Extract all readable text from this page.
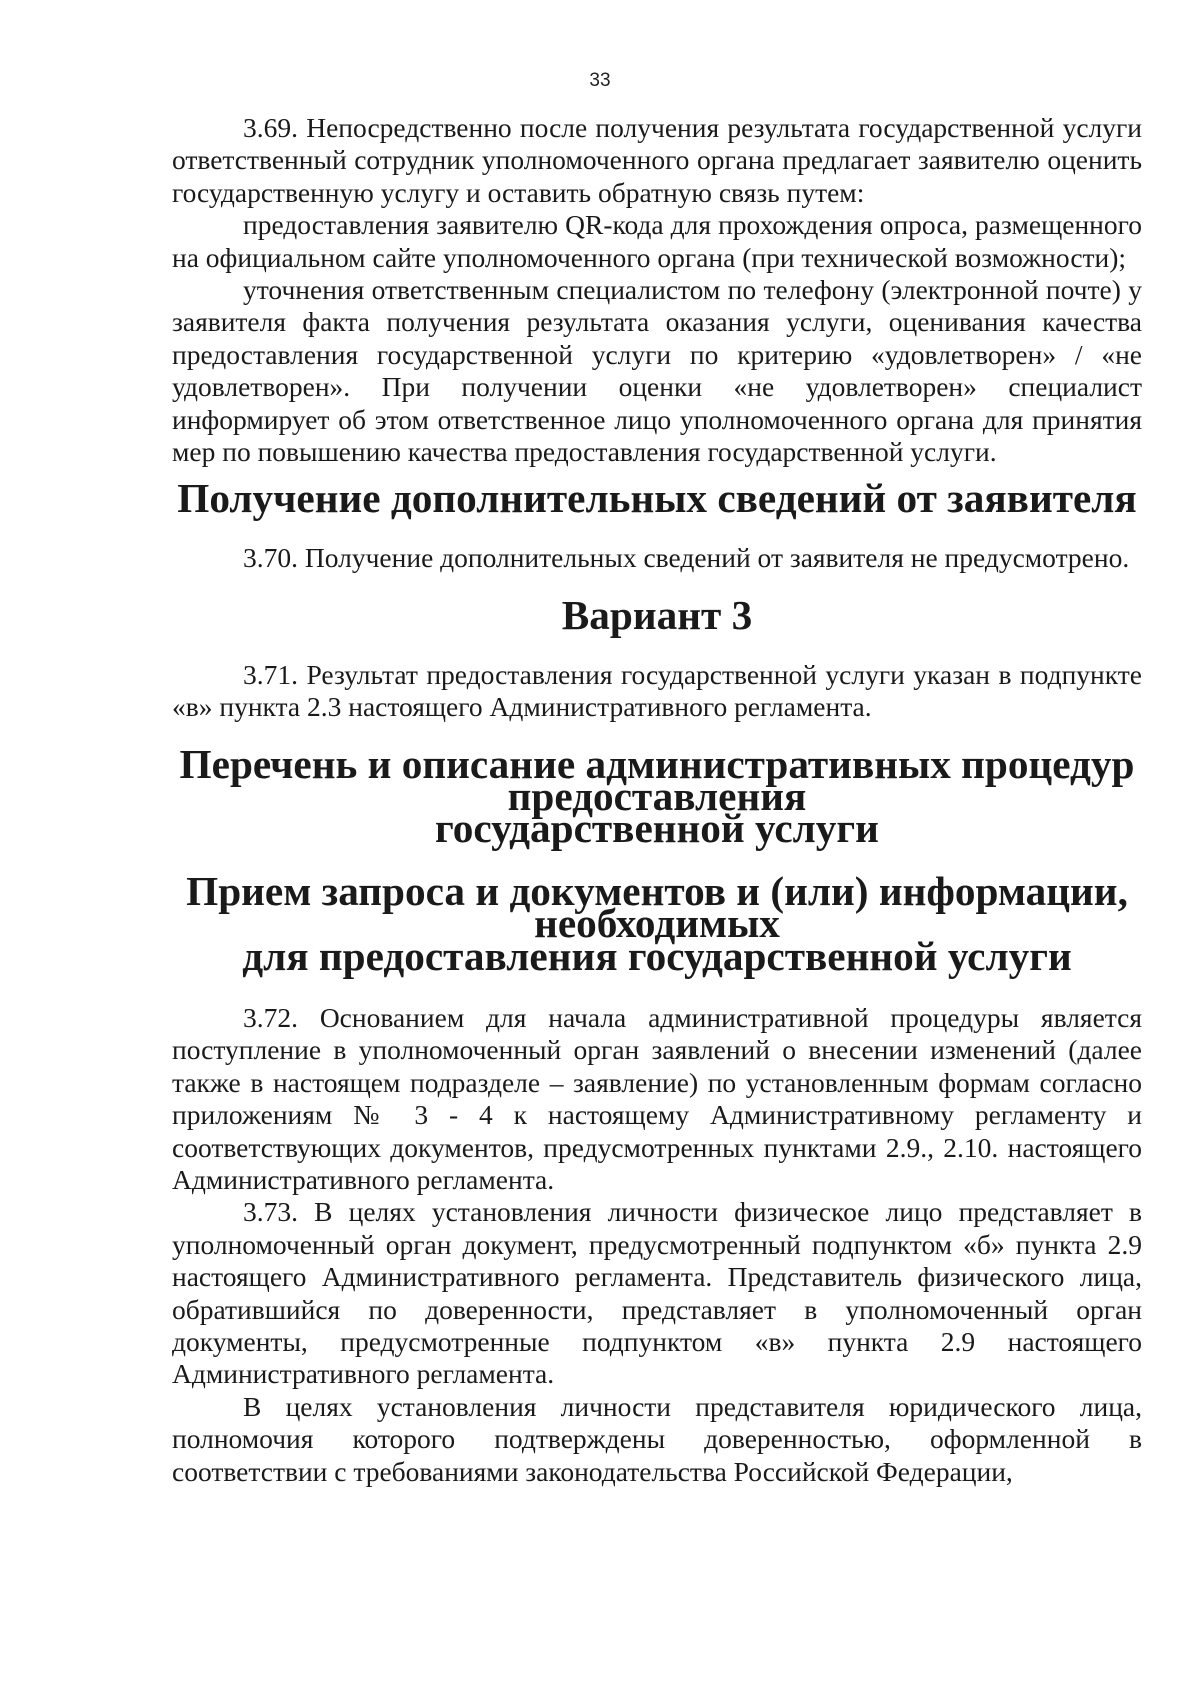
33

3.69. Непосредственно после получения результата государственной услуги ответственный сотрудник уполномоченного органа предлагает заявителю оценить государственную услугу и оставить обратную связь путем:

предоставления заявителю QR-кода для прохождения опроса, размещенного на официальном сайте уполномоченного органа (при технической возможности);

уточнения ответственным специалистом по телефону (электронной почте) у заявителя факта получения результата оказания услуги, оценивания качества предоставления государственной услуги по критерию «удовлетворен» / «не удовлетворен». При получении оценки «не удовлетворен» специалист информирует об этом ответственное лицо уполномоченного органа для принятия мер по повышению качества предоставления государственной услуги.

Получение дополнительных сведений от заявителя

3.70. Получение дополнительных сведений от заявителя не предусмотрено.

Вариант 3

3.71. Результат предоставления государственной услуги указан в подпункте «в» пункта 2.3 настоящего Административного регламента.

Перечень и описание административных процедур предоставления
государственной услуги
Прием запроса и документов и (или) информации, необходимых
для предоставления государственной услуги

3.72. Основанием для начала административной процедуры является поступление в уполномоченный орган заявлений о внесении изменений (далее также в настоящем подразделе – заявление) по установленным формам согласно приложениям № 3 - 4 к настоящему Административному регламенту и соответствующих документов, предусмотренных пунктами 2.9., 2.10. настоящего Административного регламента.

3.73. В целях установления личности физическое лицо представляет в уполномоченный орган документ, предусмотренный подпунктом «б» пункта 2.9 настоящего Административного регламента. Представитель физического лица, обратившийся по доверенности, представляет в уполномоченный орган документы, предусмотренные подпунктом «в» пункта 2.9 настоящего Административного регламента.

В целях установления личности представителя юридического лица, полномочия которого подтверждены доверенностью, оформленной в соответствии с требованиями законодательства Российской Федерации,
